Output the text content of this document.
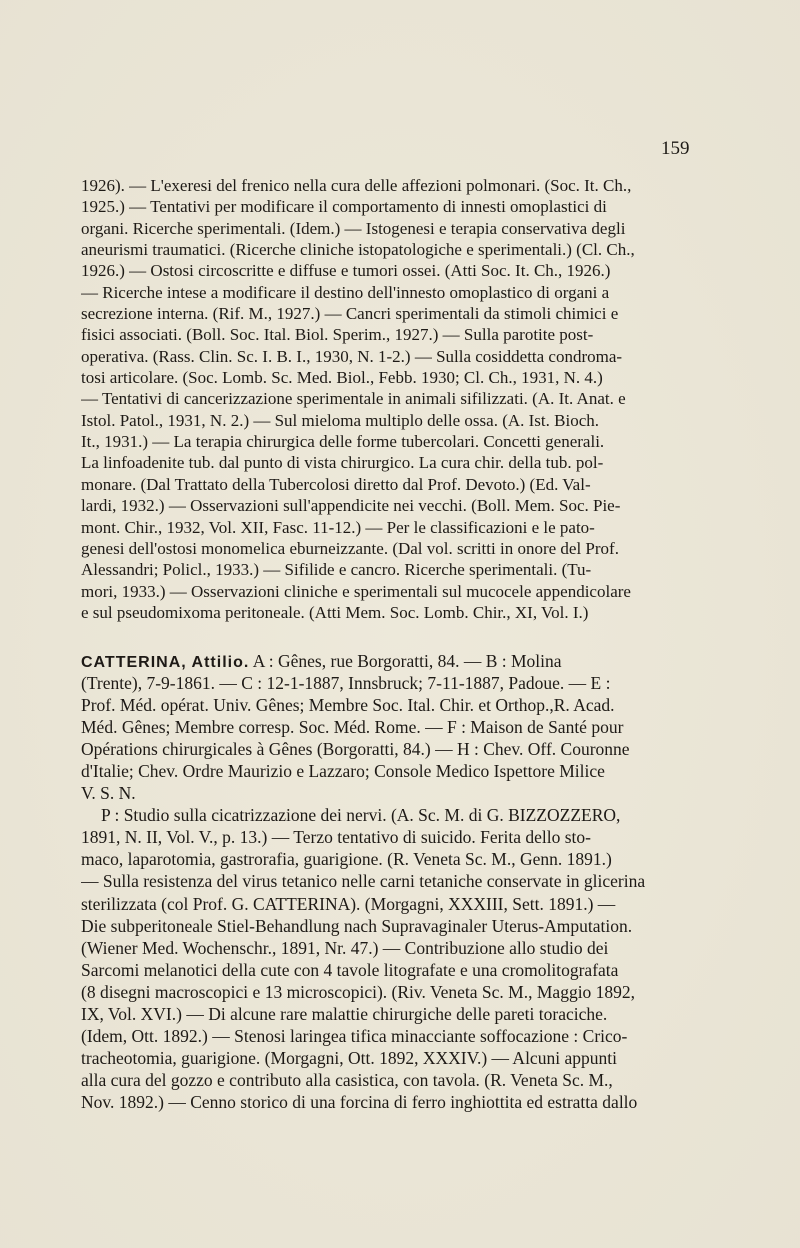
159
1926). — L'exeresi del frenico nella cura delle affezioni polmonari. (Soc. It. Ch.,
1925.) — Tentativi per modificare il comportamento di innesti omoplastici di
organi. Ricerche sperimentali. (Idem.) — Istogenesi e terapia conservativa degli
aneurismi traumatici. (Ricerche cliniche istopatologiche e sperimentali.) (Cl. Ch.,
1926.) — Ostosi circoscritte e diffuse e tumori ossei. (Atti Soc. It. Ch., 1926.)
— Ricerche intese a modificare il destino dell'innesto omoplastico di organi a
secrezione interna. (Rif. M., 1927.) — Cancri sperimentali da stimoli chimici e
fisici associati. (Boll. Soc. Ital. Biol. Sperim., 1927.) — Sulla parotite post-
operativa. (Rass. Clin. Sc. I. B. I., 1930, N. 1-2.) — Sulla cosiddetta condroma-
tosi articolare. (Soc. Lomb. Sc. Med. Biol., Febb. 1930; Cl. Ch., 1931, N. 4.)
— Tentativi di cancerizzazione sperimentale in animali sifilizzati. (A. It. Anat. e
Istol. Patol., 1931, N. 2.) — Sul mieloma multiplo delle ossa. (A. Ist. Bioch.
It., 1931.) — La terapia chirurgica delle forme tubercolari. Concetti generali.
La linfoadenite tub. dal punto di vista chirurgico. La cura chir. della tub. pol-
monare. (Dal Trattato della Tubercolosi diretto dal Prof. Devoto.) (Ed. Val-
lardi, 1932.) — Osservazioni sull'appendicite nei vecchi. (Boll. Mem. Soc. Pie-
mont. Chir., 1932, Vol. XII, Fasc. 11-12.) — Per le classificazioni e le pato-
genesi dell'ostosi monomelica eburneizzante. (Dal vol. scritti in onore del Prof.
Alessandri; Policl., 1933.) — Sifilide e cancro. Ricerche sperimentali. (Tu-
mori, 1933.) — Osservazioni cliniche e sperimentali sul mucocele appendicolare
e sul pseudomixoma peritoneale. (Atti Mem. Soc. Lomb. Chir., XI, Vol. I.)
CATTERINA, Attilio. A : Gênes, rue Borgoratti, 84. — B : Molina
(Trente), 7-9-1861. — C : 12-1-1887, Innsbruck; 7-11-1887, Padoue. — E :
Prof. Méd. opérat. Univ. Gênes; Membre Soc. Ital. Chir. et Orthop.,R. Acad.
Méd. Gênes; Membre corresp. Soc. Méd. Rome. — F : Maison de Santé pour
Opérations chirurgicales à Gênes (Borgoratti, 84.) — H : Chev. Off. Couronne
d'Italie; Chev. Ordre Maurizio e Lazzaro; Console Medico Ispettore Milice
V. S. N.
P : Studio sulla cicatrizzazione dei nervi. (A. Sc. M. di G. BIZZOZZERO,
1891, N. II, Vol. V., p. 13.) — Terzo tentativo di suicido. Ferita dello sto-
maco, laparotomia, gastrorafia, guarigione. (R. Veneta Sc. M., Genn. 1891.)
— Sulla resistenza del virus tetanico nelle carni tetaniche conservate in glicerina
sterilizzata (col Prof. G. CATTERINA). (Morgagni, XXXIII, Sett. 1891.) —
Die subperitoneale Stiel-Behandlung nach Supravaginaler Uterus-Amputation.
(Wiener Med. Wochenschr., 1891, Nr. 47.) — Contribuzione allo studio dei
Sarcomi melanotici della cute con 4 tavole litografate e una cromolitografata
(8 disegni macroscopici e 13 microscopici). (Riv. Veneta Sc. M., Maggio 1892,
IX, Vol. XVI.) — Di alcune rare malattie chirurgiche delle pareti toraciche.
(Idem, Ott. 1892.) — Stenosi laringea tifica minacciante soffocazione : Crico-
tracheotomia, guarigione. (Morgagni, Ott. 1892, XXXIV.) — Alcuni appunti
alla cura del gozzo e contributo alla casistica, con tavola. (R. Veneta Sc. M.,
Nov. 1892.) — Cenno storico di una forcina di ferro inghiottita ed estratta dallo
